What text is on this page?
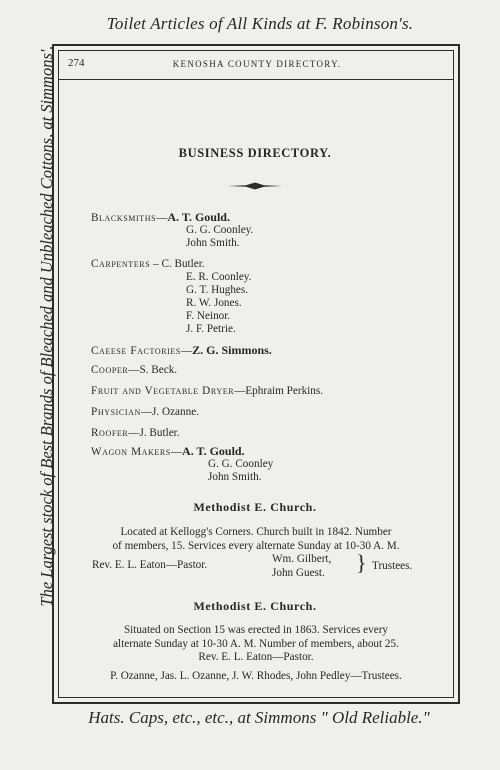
Toilet Articles of All Kinds at F. Robinson's.
The Largest stock of Best Brands of Bleached and Unbleached Cottons, at Simmons'.
Hats. Caps, etc., etc., at Simmons " Old Reliable."
274	KENOSHA COUNTY DIRECTORY.
BUSINESS DIRECTORY.
Blacksmiths—A. T. Gould.
G. G. Coonley.
John Smith.
Carpenters – C. Butler.
E. R. Coonley.
G. T. Hughes.
R. W. Jones.
F. Neinor.
J. F. Petrie.
Caeese Factories—Z. G. Simmons.
Cooper—S. Beck.
Fruit and Vegetable Dryer—Ephraim Perkins.
Physician—J. Ozanne.
Roofer—J. Butler.
Wagon Makers—A. T. Gould.
G. G. Coonley
John Smith.
Methodist E. Church.
Located at Kellogg's Corners. Church built in 1842. Number
of members, 15. Services every alternate Sunday at 10-30 A. M.
Rev. E. L. Eaton—Pastor.	Wm. Gilbert,
John Guest. } Trustees.
Methodist E. Church.
Situated on Section 15 was erected in 1863. Services every
alternate Sunday at 10-30 A. M. Number of members, about 25.
Rev. E. L. Eaton—Pastor.
P. Ozanne, Jas. L. Ozanne, J. W. Rhodes, John Pedley—Trustees.
